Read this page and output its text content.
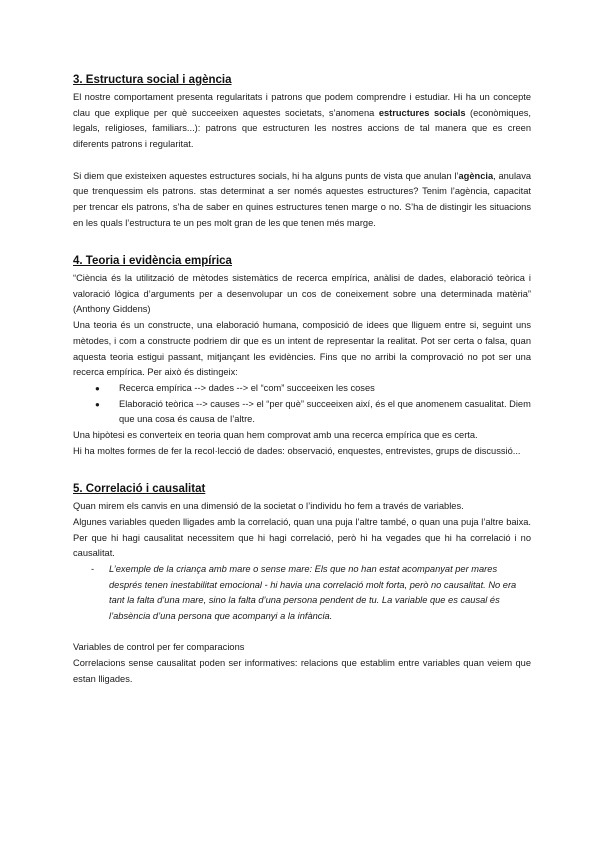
3. Estructura social i agència

El nostre comportament presenta regularitats i patrons que podem comprendre i estudiar. Hi ha un concepte clau que explique per què succeeixen aquestes societats, s’anomena estructures socials (econòmiques, legals, religioses, familiars...): patrons que estructuren les nostres accions de tal manera que es creen diferents patrons i regularitat.

Si diem que existeixen aquestes estructures socials, hi ha alguns punts de vista que anulan l’agència, anulava que trenquessim els patrons. stas determinat a ser només aquestes estructures? Tenim l’agència, capacitat per trencar els patrons, s’ha de saber en quines estructures tenen marge o no. S’ha de distingir les situacions en les quals l’estructura te un pes molt gran de les que tenen més marge.

4. Teoria i evidència empírica

“Ciència és la utilització de mètodes sistemàtics de recerca empírica, anàlisi de dades, elaboració teòrica i valoració lògica d’arguments per a desenvolupar un cos de coneixement sobre una determinada matèria” (Anthony Giddens)

Una teoria és un constructe, una elaboració humana, composició de idees que lliguem entre si, seguint uns mètodes, i com a constructe podriem dir que es un intent de representar la realitat. Pot ser certa o falsa, quan aquesta teoria estigui passant, mitjançant les evidències. Fins que no arribi la comprovació no pot ser una recerca empírica. Per això és distingeix:

● Recerca empírica --> dades --> el “com” succeeixen les coses
● Elaboració teòrica --> causes --> el “per què” succeeixen així, és el que anomenem casualitat. Diem que una cosa és causa de l’altre.

Una hipòtesi es converteix en teoria quan hem comprovat amb una recerca empírica que es certa.

Hi ha moltes formes de fer la recol·lecció de dades: observació, enquestes, entrevistes, grups de discussió...

5. Correlació i causalitat

Quan mirem els canvis en una dimensió de la societat o l’individu ho fem a través de variables.

Algunes variables queden lligades amb la correlació, quan una puja l’altre també, o quan una puja l’altre baixa. Per que hi hagi causalitat necessitem que hi hagi correlació, però hi ha vegades que hi ha correlació i no causalitat.

- L’exemple de la criança amb mare o sense mare: Els que no han estat acompanyat per mares després tenen inestabilitat emocional - hi havia una correlació molt forta, però no causalitat. No era tant la falta d’una mare, sino la falta d’una persona pendent de tu. La variable que es causal és l’absència d’una persona que acompanyi a la infància.

Variables de control per fer comparacions

Correlacions sense causalitat poden ser informatives: relacions que establim entre variables quan veiem que estan lligades.
